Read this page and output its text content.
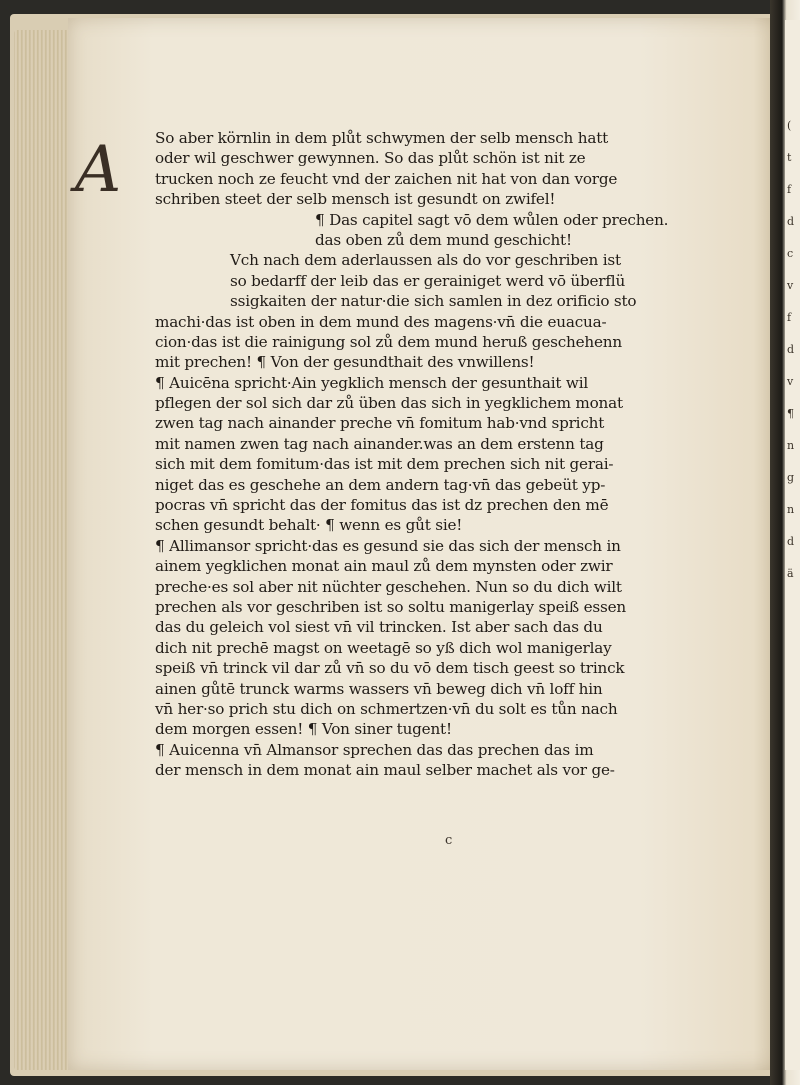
(
t
f
d
c
v
f
d
v
¶
n
g
n
d
ä
A	So aber körnlin in dem plůt schwymen der selb mensch hatt
oder wil geschwer gewynnen. So das plůt schön ist nit ze
trucken noch ze feucht vnd der zaichen nit hat von dan vorge
schriben steet der selb mensch ist gesundt on zwifel!
¶ Das capitel sagt vō dem wůlen oder prechen.
das oben zů dem mund geschicht!
Vch nach dem aderlaussen als do vor geschriben ist
so bedarff der leib das er gerainiget werd vō überflü
ssigkaiten der natur·die sich samlen in dez orificio sto
machi·das ist oben in dem mund des magens·vn̄ die euacua-
cion·das ist die rainigung sol zů dem mund heruß geschehenn
mit prechen! ¶ Von der gesundthait des vnwillens!
¶ Auicēna spricht·Ain yegklich mensch der gesunthait wil
pflegen der sol sich dar zů üben das sich in yegklichem monat
zwen tag nach ainander preche vn̄ fomitum hab·vnd spricht
mit namen zwen tag nach ainander.was an dem erstenn tag
sich mit dem fomitum·das ist mit dem prechen sich nit gerai-
niget das es geschehe an dem andern tag·vn̄ das gebeüt yp-
pocras vn̄ spricht das der fomitus das ist dz prechen den mē
schen gesundt behalt· ¶ wenn es gůt sie!
¶ Allimansor spricht·das es gesund sie das sich der mensch in
ainem yegklichen monat ain maul zů dem mynsten oder zwir
preche·es sol aber nit nüchter geschehen. Nun so du dich wilt
prechen als vor geschriben ist so soltu manigerlay speiß essen
das du geleich vol siest vn̄ vil trincken. Ist aber sach das du
dich nit prechē magst on weetagē so yß dich wol manigerlay
speiß vn̄ trinck vil dar zů vn̄ so du vō dem tisch geest so trinck
ainen gůtē trunck warms wassers vn̄ beweg dich vn̄ loff hin
vn̄ her·so prich stu dich on schmertzen·vn̄ du solt es tůn nach
dem morgen essen! ¶ Von siner tugent!
¶ Auicenna vn̄ Almansor sprechen das das prechen das im
der mensch in dem monat ain maul selber machet als vor ge-
c
